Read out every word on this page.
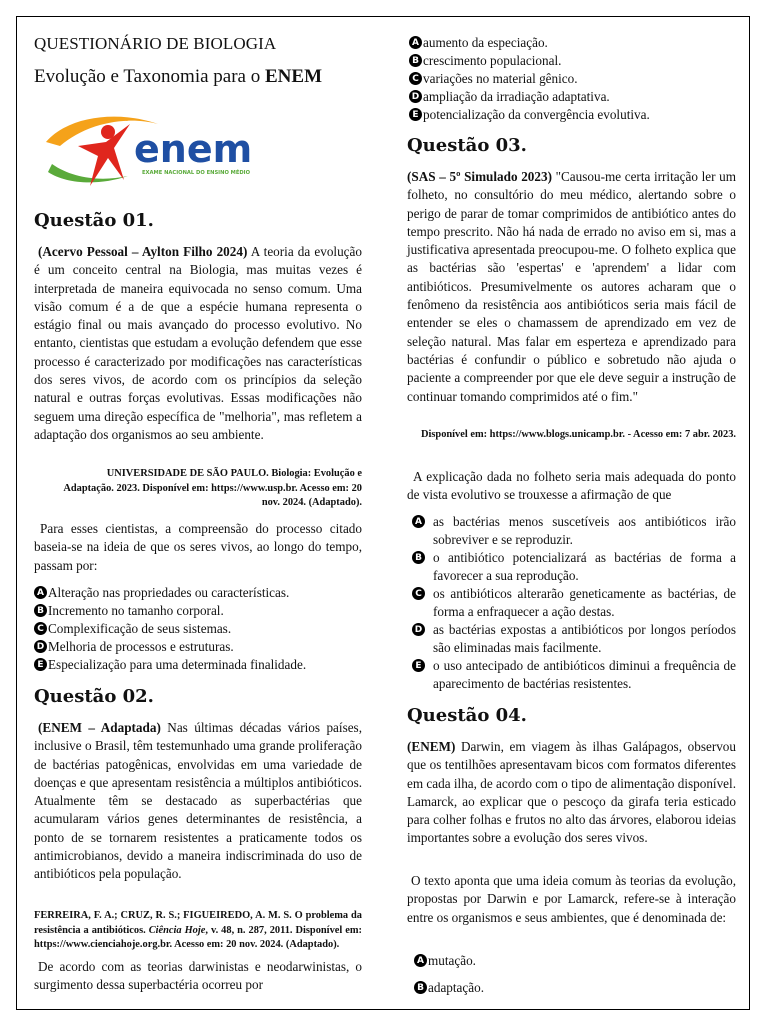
QUESTIONÁRIO DE BIOLOGIA
Evolução e Taxonomia para o ENEM
enem
EXAME NACIONAL DO ENSINO MÉDIO
Questão 01.
(Acervo Pessoal – Aylton Filho 2024) A teoria da evolução é um conceito central na Biologia, mas muitas vezes é interpretada de maneira equivocada no senso comum. Uma visão comum é a de que a espécie humana representa o estágio final ou mais avançado do processo evolutivo. No entanto, cientistas que estudam a evolução defendem que esse processo é caracterizado por modificações nas características dos seres vivos, de acordo com os princípios da seleção natural e outras forças evolutivas. Essas modificações não seguem uma direção específica de "melhoria", mas refletem a adaptação dos organismos ao seu ambiente.
UNIVERSIDADE DE SÃO PAULO. Biologia: Evolução e Adaptação. 2023. Disponível em: https://www.usp.br. Acesso em: 20 nov. 2024. (Adaptado).
Para esses cientistas, a compreensão do processo citado baseia-se na ideia de que os seres vivos, ao longo do tempo, passam por:
A Alteração nas propriedades ou características.
B Incremento no tamanho corporal.
C Complexificação de seus sistemas.
D Melhoria de processos e estruturas.
E Especialização para uma determinada finalidade.
Questão 02.
(ENEM – Adaptada) Nas últimas décadas vários países, inclusive o Brasil, têm testemunhado uma grande proliferação de bactérias patogênicas, envolvidas em uma variedade de doenças e que apresentam resistência a múltiplos antibióticos. Atualmente têm se destacado as superbactérias que acumularam vários genes determinantes de resistência, a ponto de se tornarem resistentes a praticamente todos os antimicrobianos, devido a maneira indiscriminada do uso de antibióticos pela população.
FERREIRA, F. A.; CRUZ, R. S.; FIGUEIREDO, A. M. S. O problema da resistência a antibióticos. Ciência Hoje, v. 48, n. 287, 2011. Disponível em: https://www.cienciahoje.org.br. Acesso em: 20 nov. 2024. (Adaptado).
De acordo com as teorias darwinistas e neodarwinistas, o surgimento dessa superbactéria ocorreu por
A aumento da especiação.
B crescimento populacional.
C variações no material gênico.
D ampliação da irradiação adaptativa.
E potencialização da convergência evolutiva.
Questão 03.
(SAS – 5º Simulado 2023) "Causou-me certa irritação ler um folheto, no consultório do meu médico, alertando sobre o perigo de parar de tomar comprimidos de antibiótico antes do tempo prescrito. Não há nada de errado no aviso em si, mas a justificativa apresentada preocupou-me. O folheto explica que as bactérias são 'espertas' e 'aprendem' a lidar com antibióticos. Presumivelmente os autores acharam que o fenômeno da resistência aos antibióticos seria mais fácil de entender se eles o chamassem de aprendizado em vez de seleção natural. Mas falar em esperteza e aprendizado para bactérias é confundir o público e sobretudo não ajuda o paciente a compreender por que ele deve seguir a instrução de continuar tomando comprimidos até o fim."
Disponível em: https://www.blogs.unicamp.br. - Acesso em: 7 abr. 2023.
A explicação dada no folheto seria mais adequada do ponto de vista evolutivo se trouxesse a afirmação de que
A as bactérias menos suscetíveis aos antibióticos irão sobreviver e se reproduzir.
B o antibiótico potencializará as bactérias de forma a favorecer a sua reprodução.
C os antibióticos alterarão geneticamente as bactérias, de forma a enfraquecer a ação destas.
D as bactérias expostas a antibióticos por longos períodos são eliminadas mais facilmente.
E o uso antecipado de antibióticos diminui a frequência de aparecimento de bactérias resistentes.
Questão 04.
(ENEM) Darwin, em viagem às ilhas Galápagos, observou que os tentilhões apresentavam bicos com formatos diferentes em cada ilha, de acordo com o tipo de alimentação disponível. Lamarck, ao explicar que o pescoço da girafa teria esticado para colher folhas e frutos no alto das árvores, elaborou ideias importantes sobre a evolução dos seres vivos.
O texto aponta que uma ideia comum às teorias da evolução, propostas por Darwin e por Lamarck, refere-se à interação entre os organismos e seus ambientes, que é denominada de:
A mutação.
B adaptação.
